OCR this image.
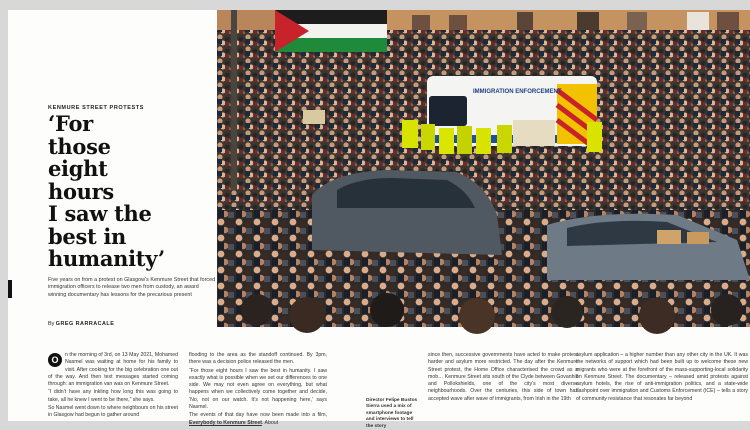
KENMURE STREET PROTESTS
‘For
those
eight
hours
I saw the
best in
humanity’

Five years on from a protest on Glasgow’s Kenmure Street that forced immigration officers to release two men from custody, an award winning documentary has lessons for the precarious present

By GREG RARRACALE

IMMIGRATION ENFORCEMENT

O	n the morning of 3rd, on 13 May 2021, Mohamed Nasmel was waiting at home for his family to visit. After cooking for the big celebration one out of the way. And then text messages started coming through: an immigration van was on Kenmure Street.

“I didn’t have any inkling how long this was going to take, all he knew I went to be there,” she says.

So Nasmel went down to where neighbours on his street in Glasgow had begun to gather around

flooding to the area as the standoff continued. By 3pm, there was a decision police released the men.

“For those eight hours I saw the best in humanity. I saw exactly what is possible when we set our differences to one side. We may not even agree on everything, but what happens when we collectively come together and decide, ‘No, not on our watch. It’s not happening here,’ says Nasmel.

The events of that day have now been made into a film, Everybody to Kenmure Street. About

Director Felipe Bustos Sierra used a mix of smartphone footage and interviews to tell the story

since then, successive governments have acted to make protest harder and asylum more restricted. The day after the Kenmure Street protest, the Home Office characterised the crowd as a mob… Kenmure Street sits south of the Clyde between Govanhill and Pollokshields, one of the city’s most diverse neighbourhoods. Over the centuries, this side of town has accepted wave after wave of immigrants, from Irish in the 19th

asylum application – a higher number than any other city in the UK. It was the networks of support which had been built up to welcome these new migrants who were at the forefront of the mass-supporting-local solidarity on Kenmure Street. The documentary – released amid protests against asylum hotels, the rise of anti-immigration politics, and a state-wide flashpoint over immigration and Customs Enforcement (ICE) – tells a story of community resistance that resonates far beyond
